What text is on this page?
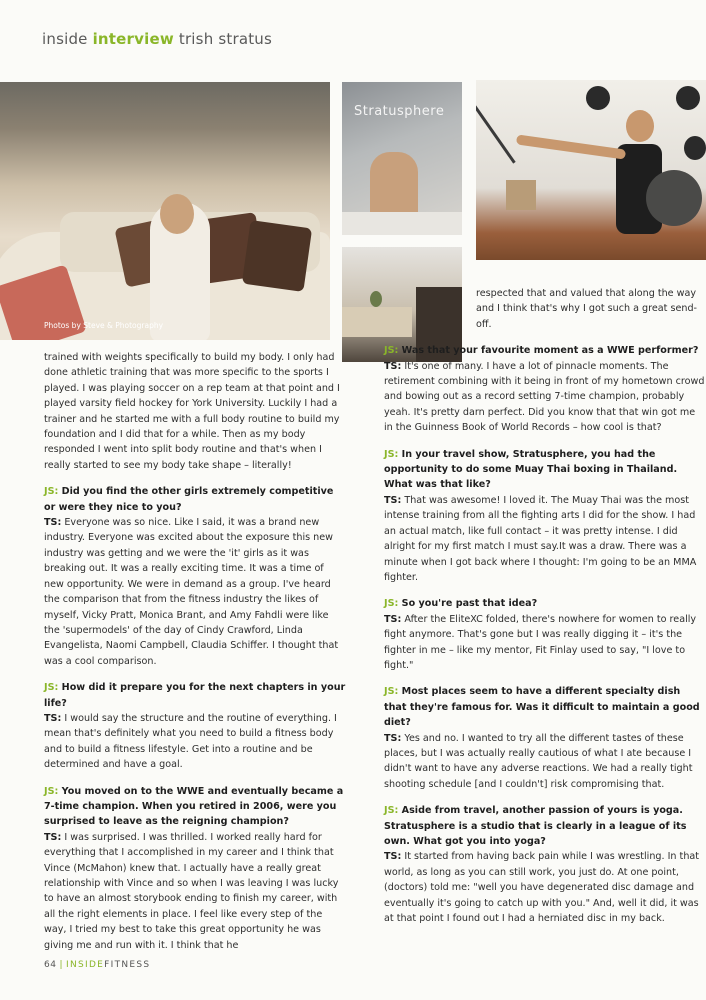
inside interview trish stratus
Photos by Steve & Photography
Stratusphere

trained with weights specifically to build my body. I only had done athletic training that was more specific to the sports I played. I was playing soccer on a rep team at that point and I played varsity field hockey for York University. Luckily I had a trainer and he started me with a full body routine to build my foundation and I did that for a while. Then as my body responded I went into split body routine and that's when I really started to see my body take shape – literally!

JS: Did you find the other girls extremely competitive or were they nice to you?
TS: Everyone was so nice. Like I said, it was a brand new industry. Everyone was excited about the exposure this new industry was getting and we were the 'it' girls as it was breaking out. It was a really exciting time. It was a time of new opportunity. We were in demand as a group. I've heard the comparison that from the fitness industry the likes of myself, Vicky Pratt, Monica Brant, and Amy Fahdli were like the 'supermodels' of the day of Cindy Crawford, Linda Evangelista, Naomi Campbell, Claudia Schiffer. I thought that was a cool comparison.

JS: How did it prepare you for the next chapters in your life?
TS: I would say the structure and the routine of everything. I mean that's definitely what you need to build a fitness body and to build a fitness lifestyle. Get into a routine and be determined and have a goal.

JS: You moved on to the WWE and eventually became a 7-time champion. When you retired in 2006, were you surprised to leave as the reigning champion?
TS: I was surprised. I was thrilled. I worked really hard for everything that I accomplished in my career and I think that Vince (McMahon) knew that. I actually have a really great relationship with Vince and so when I was leaving I was lucky to have an almost storybook ending to finish my career, with all the right elements in place. I feel like every step of the way, I tried my best to take this great opportunity he was giving me and run with it. I think that he

respected that and valued that along the way and I think that's why I got such a great send-off.

JS: Was that your favourite moment as a WWE performer?
TS: It's one of many. I have a lot of pinnacle moments. The retirement combining with it being in front of my hometown crowd and bowing out as a record setting 7-time champion, probably yeah. It's pretty darn perfect. Did you know that that win got me in the Guinness Book of World Records – how cool is that?

JS: In your travel show, Stratusphere, you had the opportunity to do some Muay Thai boxing in Thailand. What was that like?
TS: That was awesome! I loved it. The Muay Thai was the most intense training from all the fighting arts I did for the show. I had an actual match, like full contact – it was pretty intense. I did alright for my first match I must say.It was a draw. There was a minute when I got back where I thought: I'm going to be an MMA fighter.

JS: So you're past that idea?
TS: After the EliteXC folded, there's nowhere for women to really fight anymore. That's gone but I was really digging it – it's the fighter in me – like my mentor, Fit Finlay used to say, "I love to fight."

JS: Most places seem to have a different specialty dish that they're famous for. Was it difficult to maintain a good diet?
TS: Yes and no. I wanted to try all the different tastes of these places, but I was actually really cautious of what I ate because I didn't want to have any adverse reactions. We had a really tight shooting schedule [and I couldn't] risk compromising that.

JS: Aside from travel, another passion of yours is yoga. Stratusphere is a studio that is clearly in a league of its own. What got you into yoga?
TS: It started from having back pain while I was wrestling. In that world, as long as you can still work, you just do. At one point, (doctors) told me: "well you have degenerated disc damage and eventually it's going to catch up with you." And, well it did, it was at that point I found out I had a herniated disc in my back.

64 | INSIDEFITNESS
